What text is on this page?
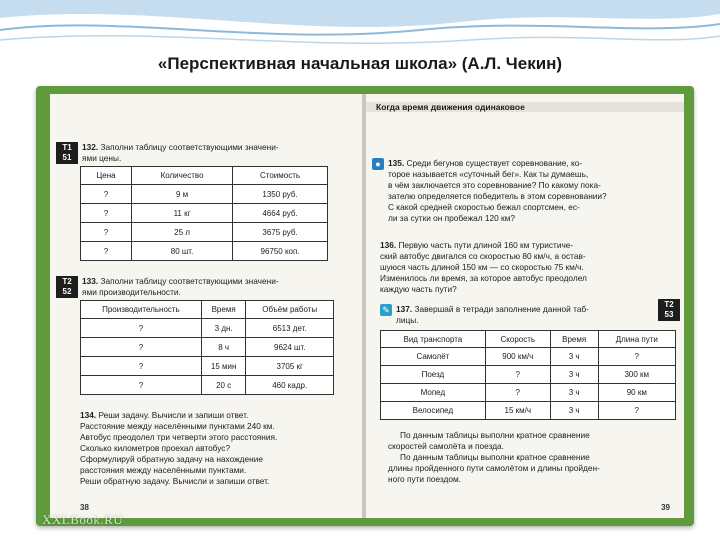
«Перспективная начальная школа» (А.Л. Чекин)
Т1
51
132. Заполни таблицу соответствующими значени-
ями цены.
Цена	Количество	Стоимость
?	9 м	1350 руб.
?	11 кг	4664 руб.
?	25 л	3675 руб.
?	80 шт.	96750 коп.
Т2
52
133. Заполни таблицу соответствующими значени-
ями производительности.
Производительность	Время	Объём работы
?	3 дн.	6513 дет.
?	8 ч	9624 шт.
?	15 мин	3705 кг
?	20 с	460 кадр.
134. Реши задачу. Вычисли и запиши ответ.
Расстояние между населёнными пунктами 240 км.
Автобус преодолел три четверти этого расстояния.
Сколько километров проехал автобус?
Сформулируй обратную задачу на нахождение
расстояния между населёнными пунктами.
Реши обратную задачу. Вычисли и запиши ответ.
38
Когда время движения одинаковое
● 135. Среди бегунов существует соревнование, ко-
торое называется «суточный бег». Как ты думаешь,
в чём заключается это соревнование? По какому пока-
зателю определяется победитель в этом соревновании?
С какой средней скоростью бежал спортсмен, ес-
ли за сутки он пробежал 120 км?
136. Первую часть пути длиной 160 км туристиче-
ский автобус двигался со скоростью 80 км/ч, а остав-
шуюся часть длиной 150 км — со скоростью 75 км/ч.
Изменилось ли время, за которое автобус преодолел
каждую часть пути?
✎ 137. Завершай в тетради заполнение данной таб-
лицы.
Т2
53
Вид транспорта	Скорость	Время	Длина пути
Самолёт	900 км/ч	3 ч	?
Поезд	?	3 ч	300 км
Мопед	?	3 ч	90 км
Велосипед	15 км/ч	3 ч	?
По данным таблицы выполни кратное сравнение
скоростей самолёта и поезда.
По данным таблицы выполни кратное сравнение
длины пройденного пути самолётом и длины пройден-
ного пути поездом.
39
XXLBook.RU
